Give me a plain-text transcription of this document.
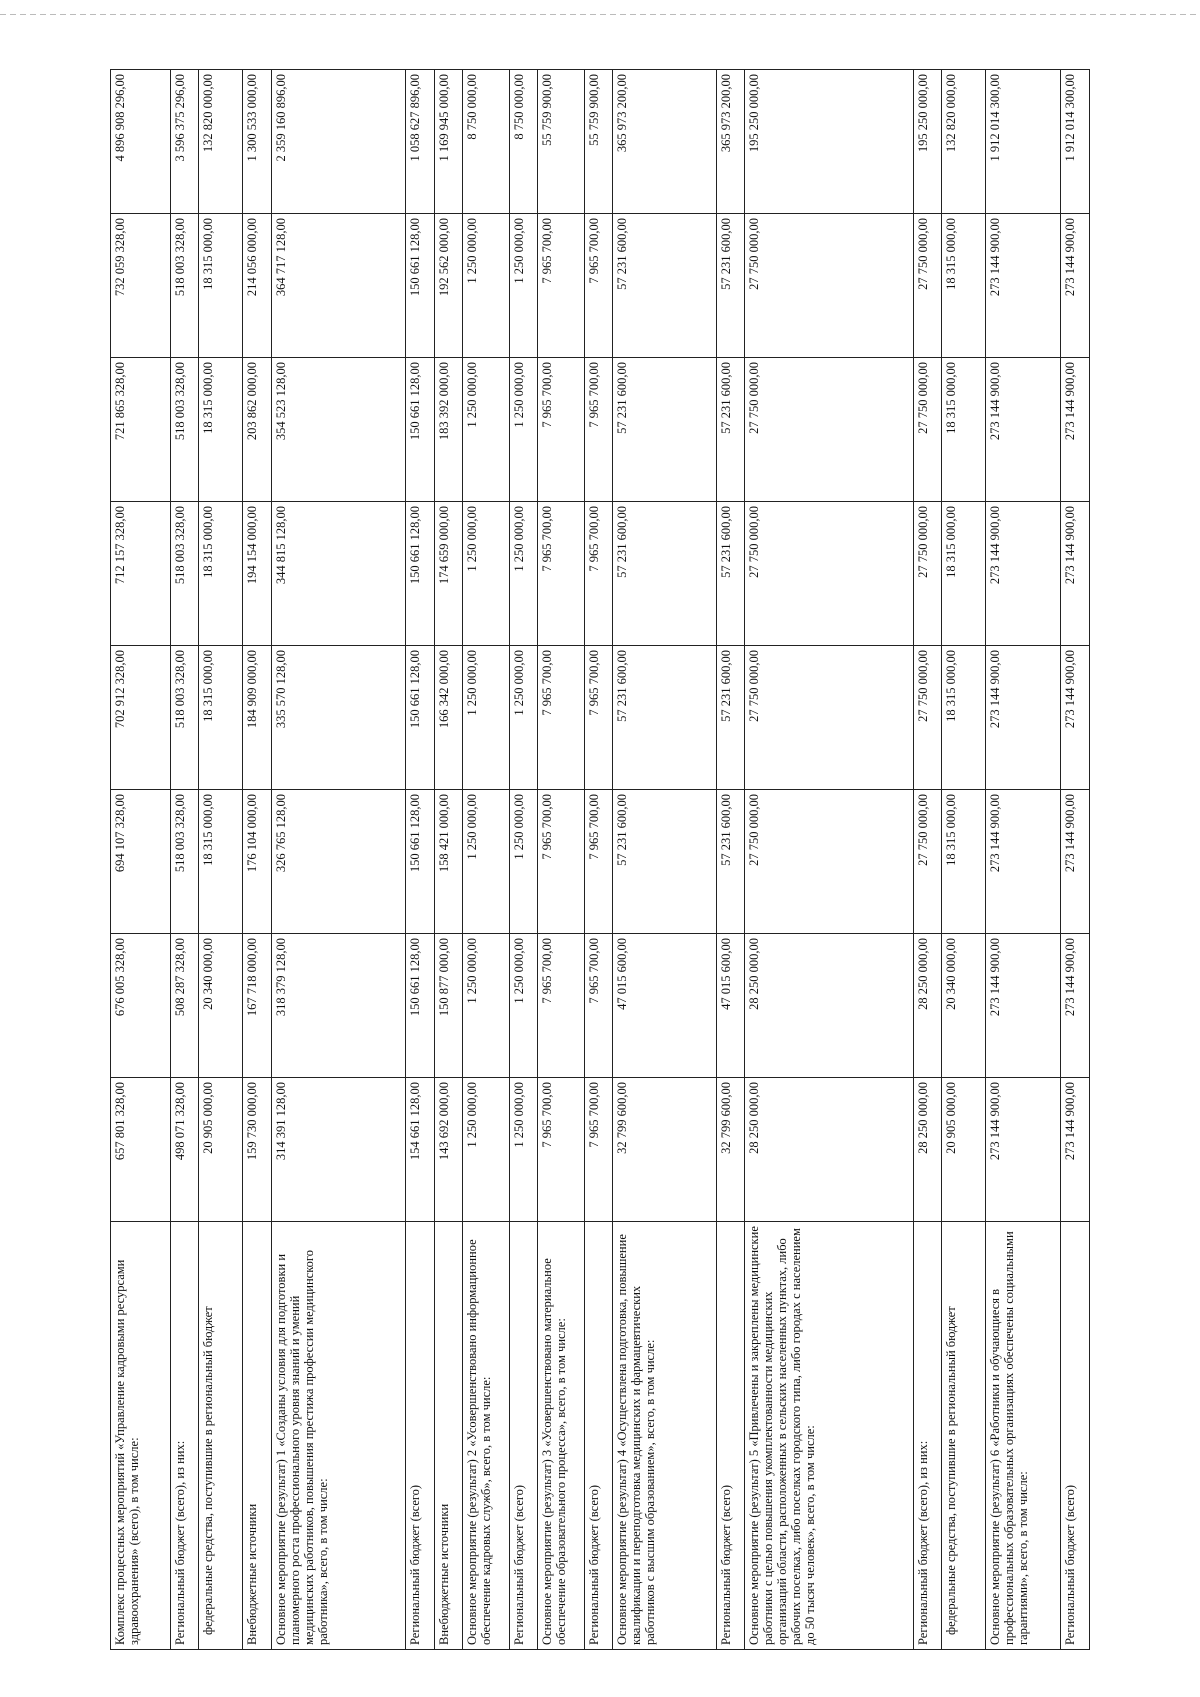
Комплекс процессных мероприятий «Управление кадровыми ресурсами здравоохранения» (всего), в том числе:	657 801 328,00	676 005 328,00	694 107 328,00	702 912 328,00	712 157 328,00	721 865 328,00	732 059 328,00	4 896 908 296,00
Региональный бюджет (всего), из них:	498 071 328,00	508 287 328,00	518 003 328,00	518 003 328,00	518 003 328,00	518 003 328,00	518 003 328,00	3 596 375 296,00
федеральные средства, поступившие в региональный бюджет	20 905 000,00	20 340 000,00	18 315 000,00	18 315 000,00	18 315 000,00	18 315 000,00	18 315 000,00	132 820 000,00
Внебюджетные источники	159 730 000,00	167 718 000,00	176 104 000,00	184 909 000,00	194 154 000,00	203 862 000,00	214 056 000,00	1 300 533 000,00
Основное мероприятие (результат) 1 «Созданы условия для подготовки и планомерного роста профессионального уровня знаний и умений медицинских работников, повышения престижа профессии медицинского работника», всего, в том числе:	314 391 128,00	318 379 128,00	326 765 128,00	335 570 128,00	344 815 128,00	354 523 128,00	364 717 128,00	2 359 160 896,00
Региональный бюджет (всего)	154 661 128,00	150 661 128,00	150 661 128,00	150 661 128,00	150 661 128,00	150 661 128,00	150 661 128,00	1 058 627 896,00
Внебюджетные источники	143 692 000,00	150 877 000,00	158 421 000,00	166 342 000,00	174 659 000,00	183 392 000,00	192 562 000,00	1 169 945 000,00
Основное мероприятие (результат) 2 «Усовершенствовано информационное обеспечение кадровых служб», всего, в том числе:	1 250 000,00	1 250 000,00	1 250 000,00	1 250 000,00	1 250 000,00	1 250 000,00	1 250 000,00	8 750 000,00
Региональный бюджет (всего)	1 250 000,00	1 250 000,00	1 250 000,00	1 250 000,00	1 250 000,00	1 250 000,00	1 250 000,00	8 750 000,00
Основное мероприятие (результат) 3 «Усовершенствовано материальное обеспечение образовательного процесса», всего, в том числе:	7 965 700,00	7 965 700,00	7 965 700,00	7 965 700,00	7 965 700,00	7 965 700,00	7 965 700,00	55 759 900,00
Региональный бюджет (всего)	7 965 700,00	7 965 700,00	7 965 700,00	7 965 700,00	7 965 700,00	7 965 700,00	7 965 700,00	55 759 900,00
Основное мероприятие (результат) 4 «Осуществлена подготовка, повышение квалификации и переподготовка медицинских и фармацевтических работников с высшим образованием», всего, в том числе:	32 799 600,00	47 015 600,00	57 231 600,00	57 231 600,00	57 231 600,00	57 231 600,00	57 231 600,00	365 973 200,00
Региональный бюджет (всего)	32 799 600,00	47 015 600,00	57 231 600,00	57 231 600,00	57 231 600,00	57 231 600,00	57 231 600,00	365 973 200,00
Основное мероприятие (результат) 5 «Привлечены и закреплены медицинские работники с целью повышения укомплектованности медицинских организаций области, расположенных в сельских населенных пунктах, либо рабочих поселках, либо поселках городского типа, либо городах с населением до 50 тысяч человек», всего, в том числе:	28 250 000,00	28 250 000,00	27 750 000,00	27 750 000,00	27 750 000,00	27 750 000,00	27 750 000,00	195 250 000,00
Региональный бюджет (всего), из них:	28 250 000,00	28 250 000,00	27 750 000,00	27 750 000,00	27 750 000,00	27 750 000,00	27 750 000,00	195 250 000,00
федеральные средства, поступившие в региональный бюджет	20 905 000,00	20 340 000,00	18 315 000,00	18 315 000,00	18 315 000,00	18 315 000,00	18 315 000,00	132 820 000,00
Основное мероприятие (результат) 6 «Работники и обучающиеся в профессиональных образовательных организациях обеспечены социальными гарантиями», всего, в том числе:	273 144 900,00	273 144 900,00	273 144 900,00	273 144 900,00	273 144 900,00	273 144 900,00	273 144 900,00	1 912 014 300,00
Региональный бюджет (всего)	273 144 900,00	273 144 900,00	273 144 900,00	273 144 900,00	273 144 900,00	273 144 900,00	273 144 900,00	1 912 014 300,00
